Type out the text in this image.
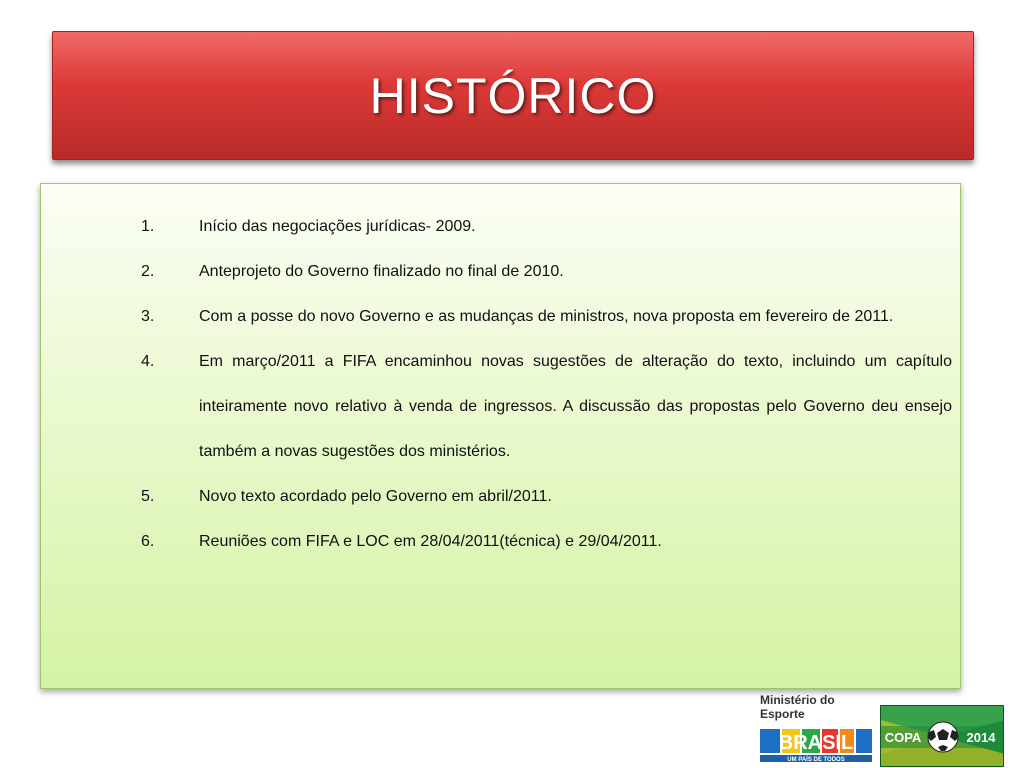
HISTÓRICO
1.	Início das negociações jurídicas- 2009.
2.	Anteprojeto do Governo finalizado no final de 2010.
3.	Com a posse do novo Governo e as mudanças de ministros, nova proposta em fevereiro de 2011.
4.	Em março/2011 a FIFA encaminhou novas sugestões de alteração do texto, incluindo um capítulo inteiramente novo relativo à venda de ingressos. A discussão das propostas pelo Governo deu ensejo também a novas sugestões dos ministérios.
5.	Novo texto acordado pelo Governo em abril/2011.
6.	Reuniões com FIFA e LOC em 28/04/2011(técnica) e 29/04/2011.
Ministério do
Esporte
BRASIL
UM PAÍS DE TODOS
COPA	2014
